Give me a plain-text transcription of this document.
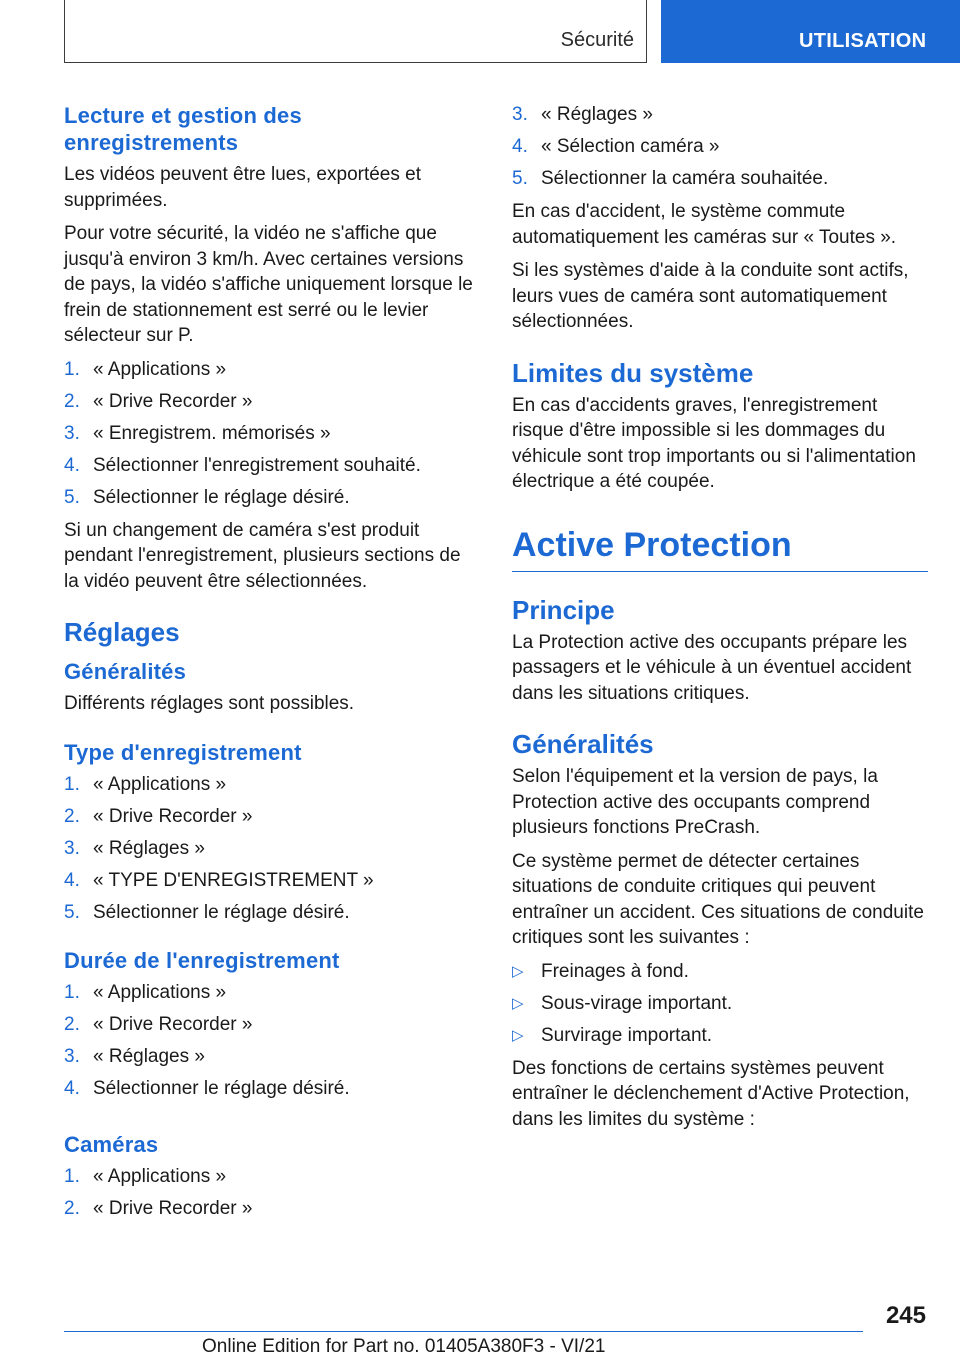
Sécurité	UTILISATION
Lecture et gestion des enregistrements

Les vidéos peuvent être lues, exportées et supprimées.

Pour votre sécurité, la vidéo ne s'affiche que jusqu'à environ 3 km/h. Avec certaines versions de pays, la vidéo s'affiche uniquement lorsque le frein de stationnement est serré ou le levier sélecteur sur P.

1. « Applications »
2. « Drive Recorder »
3. « Enregistrem. mémorisés »
4. Sélectionner l'enregistrement souhaité.
5. Sélectionner le réglage désiré.

Si un changement de caméra s'est produit pendant l'enregistrement, plusieurs sections de la vidéo peuvent être sélectionnées.

Réglages
Généralités

Différents réglages sont possibles.

Type d'enregistrement
1. « Applications »
2. « Drive Recorder »
3. « Réglages »
4. « TYPE D'ENREGISTREMENT »
5. Sélectionner le réglage désiré.
Durée de l'enregistrement
1. « Applications »
2. « Drive Recorder »
3. « Réglages »
4. Sélectionner le réglage désiré.
Caméras
1. « Applications »
2. « Drive Recorder »
3. « Réglages »
4. « Sélection caméra »
5. Sélectionner la caméra souhaitée.

En cas d'accident, le système commute automatiquement les caméras sur « Toutes ».

Si les systèmes d'aide à la conduite sont actifs, leurs vues de caméra sont automatiquement sélectionnées.

Limites du système

En cas d'accidents graves, l'enregistrement risque d'être impossible si les dommages du véhicule sont trop importants ou si l'alimentation électrique a été coupée.

Active Protection
Principe

La Protection active des occupants prépare les passagers et le véhicule à un éventuel accident dans les situations critiques.

Généralités

Selon l'équipement et la version de pays, la Protection active des occupants comprend plusieurs fonctions PreCrash.

Ce système permet de détecter certaines situations de conduite critiques qui peuvent entraîner un accident. Ces situations de conduite critiques sont les suivantes :

▷ Freinages à fond.
▷ Sous-virage important.
▷ Survirage important.

Des fonctions de certains systèmes peuvent entraîner le déclenchement d'Active Protection, dans les limites du système :

245
Online Edition for Part no. 01405A380F3 - VI/21
